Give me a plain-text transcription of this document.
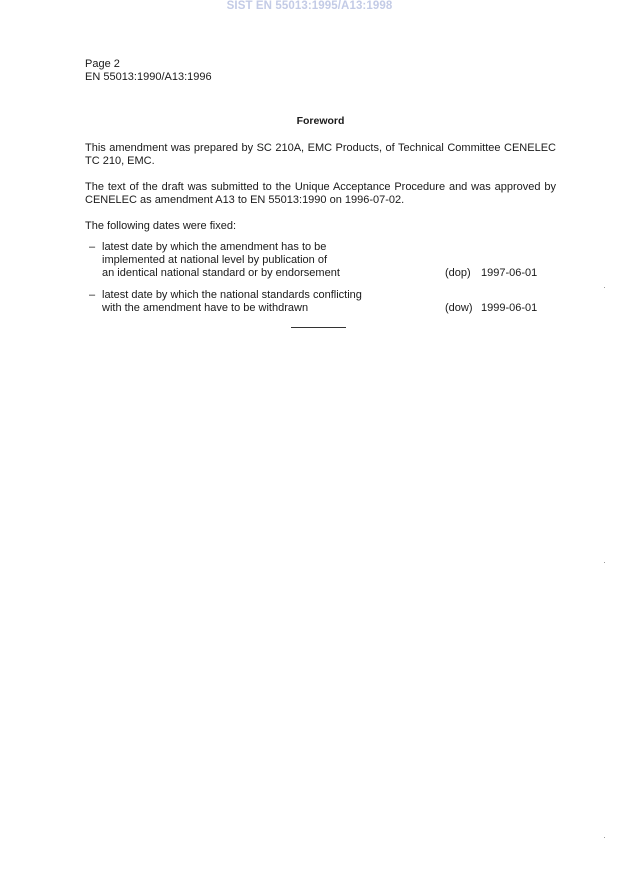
SIST EN 55013:1995/A13:1998
Page 2
EN 55013:1990/A13:1996
Foreword
This amendment was prepared by SC 210A, EMC Products, of Technical Committee CENELEC TC 210, EMC.
The text of the draft was submitted to the Unique Acceptance Procedure and was approved by CENELEC as amendment A13 to EN 55013:1990 on 1996-07-02.
The following dates were fixed:
– latest date by which the amendment has to be
implemented at national level by publication of
an identical national standard or by endorsement	(dop) 1997-06-01
– latest date by which the national standards conflicting
with the amendment have to be withdrawn	(dow) 1999-06-01
